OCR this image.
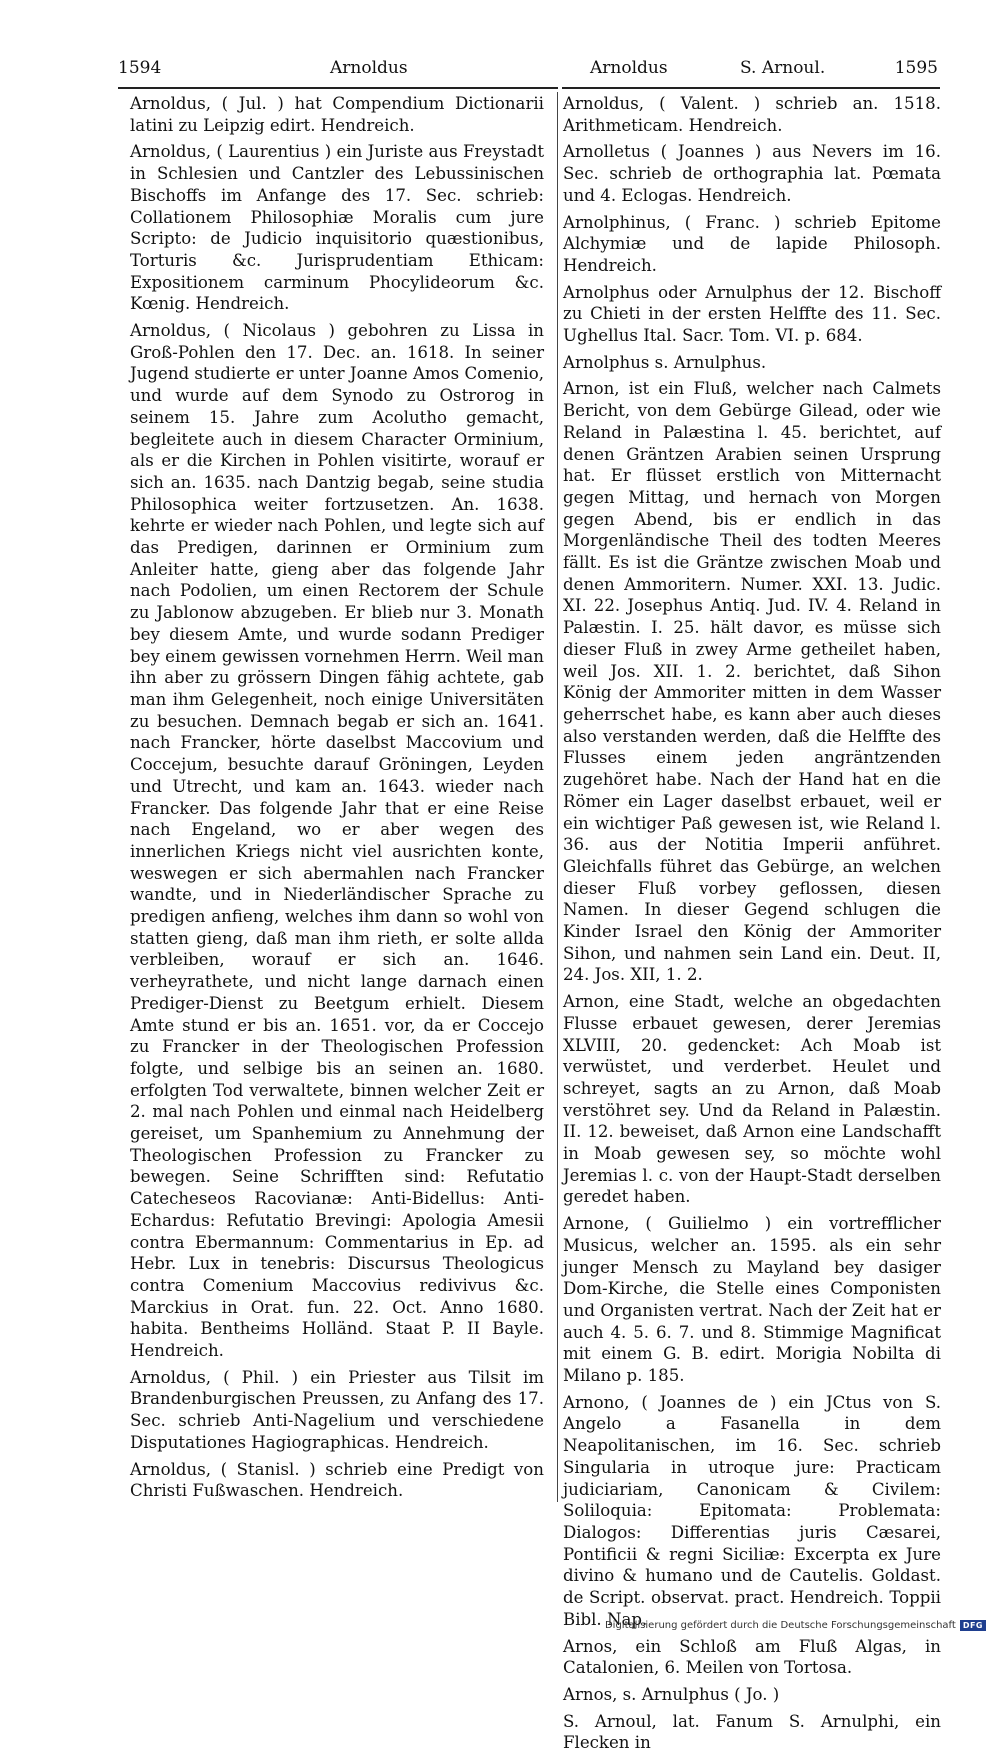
1594	Arnoldus	Arnoldus	S. Arnoul.	1595

Arnoldus, ( Jul. ) hat Compendium Dictionarii latini zu Leipzig edirt. Hendreich.

Arnoldus, ( Laurentius ) ein Juriste aus Freystadt in Schlesien und Cantzler des Lebussinischen Bischoffs im Anfange des 17. Sec. schrieb: Collationem Philosophiæ Moralis cum jure Scripto: de Judicio inquisitorio quæstionibus, Torturis &c. Jurisprudentiam Ethicam: Expositionem carminum Phocylideorum &c. Kœnig. Hendreich.

Arnoldus, ( Nicolaus ) gebohren zu Lissa in Groß-Pohlen den 17. Dec. an. 1618. In seiner Jugend studierte er unter Joanne Amos Comenio, und wurde auf dem Synodo zu Ostrorog in seinem 15. Jahre zum Acolutho gemacht, begleitete auch in diesem Character Orminium, als er die Kirchen in Pohlen visitirte, worauf er sich an. 1635. nach Dantzig begab, seine studia Philosophica weiter fortzusetzen. An. 1638. kehrte er wieder nach Pohlen, und legte sich auf das Predigen, darinnen er Orminium zum Anleiter hatte, gieng aber das folgende Jahr nach Podolien, um einen Rectorem der Schule zu Jablonow abzugeben. Er blieb nur 3. Monath bey diesem Amte, und wurde sodann Prediger bey einem gewissen vornehmen Herrn. Weil man ihn aber zu grössern Dingen fähig achtete, gab man ihm Gelegenheit, noch einige Universitäten zu besuchen. Demnach begab er sich an. 1641. nach Francker, hörte daselbst Maccovium und Coccejum, besuchte darauf Gröningen, Leyden und Utrecht, und kam an. 1643. wieder nach Francker. Das folgende Jahr that er eine Reise nach Engeland, wo er aber wegen des innerlichen Kriegs nicht viel ausrichten konte, weswegen er sich abermahlen nach Francker wandte, und in Niederländischer Sprache zu predigen anfieng, welches ihm dann so wohl von statten gieng, daß man ihm rieth, er solte allda verbleiben, worauf er sich an. 1646. verheyrathete, und nicht lange darnach einen Prediger-Dienst zu Beetgum erhielt. Diesem Amte stund er bis an. 1651. vor, da er Coccejo zu Francker in der Theologischen Profession folgte, und selbige bis an seinen an. 1680. erfolgten Tod verwaltete, binnen welcher Zeit er 2. mal nach Pohlen und einmal nach Heidelberg gereiset, um Spanhemium zu Annehmung der Theologischen Profession zu Francker zu bewegen. Seine Schrifften sind: Refutatio Catecheseos Racovianæ: Anti-Bidellus: Anti-Echardus: Refutatio Brevingi: Apologia Amesii contra Ebermannum: Commentarius in Ep. ad Hebr. Lux in tenebris: Discursus Theologicus contra Comenium Maccovius redivivus &c. Marckius in Orat. fun. 22. Oct. Anno 1680. habita. Bentheims Holländ. Staat P. II Bayle. Hendreich.

Arnoldus, ( Phil. ) ein Priester aus Tilsit im Brandenburgischen Preussen, zu Anfang des 17. Sec. schrieb Anti-Nagelium und verschiedene Disputationes Hagiographicas. Hendreich.

Arnoldus, ( Stanisl. ) schrieb eine Predigt von Christi Fußwaschen. Hendreich.

Arnoldus, ( Valent. ) schrieb an. 1518. Arithmeticam. Hendreich.

Arnolletus ( Joannes ) aus Nevers im 16. Sec. schrieb de orthographia lat. Pœmata und 4. Eclogas. Hendreich.

Arnolphinus, ( Franc. ) schrieb Epitome Alchymiæ und de lapide Philosoph. Hendreich.

Arnolphus oder Arnulphus der 12. Bischoff zu Chieti in der ersten Helffte des 11. Sec. Ughellus Ital. Sacr. Tom. VI. p. 684.

Arnolphus s. Arnulphus.

Arnon, ist ein Fluß, welcher nach Calmets Bericht, von dem Gebürge Gilead, oder wie Reland in Palæstina l. 45. berichtet, auf denen Gräntzen Arabien seinen Ursprung hat. Er flüsset erstlich von Mitternacht gegen Mittag, und hernach von Morgen gegen Abend, bis er endlich in das Morgenländische Theil des todten Meeres fällt. Es ist die Gräntze zwischen Moab und denen Ammoritern. Numer. XXI. 13. Judic. XI. 22. Josephus Antiq. Jud. IV. 4. Reland in Palæstin. I. 25. hält davor, es müsse sich dieser Fluß in zwey Arme getheilet haben, weil Jos. XII. 1. 2. berichtet, daß Sihon König der Ammoriter mitten in dem Wasser geherrschet habe, es kann aber auch dieses also verstanden werden, daß die Helffte des Flusses einem jeden angräntzenden zugehöret habe. Nach der Hand hat en die Römer ein Lager daselbst erbauet, weil er ein wichtiger Paß gewesen ist, wie Reland l. 36. aus der Notitia Imperii anführet. Gleichfalls führet das Gebürge, an welchen dieser Fluß vorbey geflossen, diesen Namen. In dieser Gegend schlugen die Kinder Israel den König der Ammoriter Sihon, und nahmen sein Land ein. Deut. II, 24. Jos. XII, 1. 2.

Arnon, eine Stadt, welche an obgedachten Flusse erbauet gewesen, derer Jeremias XLVIII, 20. gedencket: Ach Moab ist verwüstet, und verderbet. Heulet und schreyet, sagts an zu Arnon, daß Moab verstöhret sey. Und da Reland in Palæstin. II. 12. beweiset, daß Arnon eine Landschafft in Moab gewesen sey, so möchte wohl Jeremias l. c. von der Haupt-Stadt derselben geredet haben.

Arnone, ( Guilielmo ) ein vortrefflicher Musicus, welcher an. 1595. als ein sehr junger Mensch zu Mayland bey dasiger Dom-Kirche, die Stelle eines Componisten und Organisten vertrat. Nach der Zeit hat er auch 4. 5. 6. 7. und 8. Stimmige Magnificat mit einem G. B. edirt. Morigia Nobilta di Milano p. 185.

Arnono, ( Joannes de ) ein JCtus von S. Angelo a Fasanella in dem Neapolitanischen, im 16. Sec. schrieb Singularia in utroque jure: Practicam judiciariam, Canonicam & Civilem: Soliloquia: Epitomata: Problemata: Dialogos: Differentias juris Cæsarei, Pontificii & regni Siciliæ: Excerpta ex Jure divino & humano und de Cautelis. Goldast. de Script. observat. pract. Hendreich. Toppii Bibl. Nap.

Arnos, ein Schloß am Fluß Algas, in Catalonien, 6. Meilen von Tortosa.

Arnos, s. Arnulphus ( Jo. )

S. Arnoul, lat. Fanum S. Arnulphi, ein Flecken in

Digitalisierung gefördert durch die Deutsche Forschungsgemeinschaft DFG
